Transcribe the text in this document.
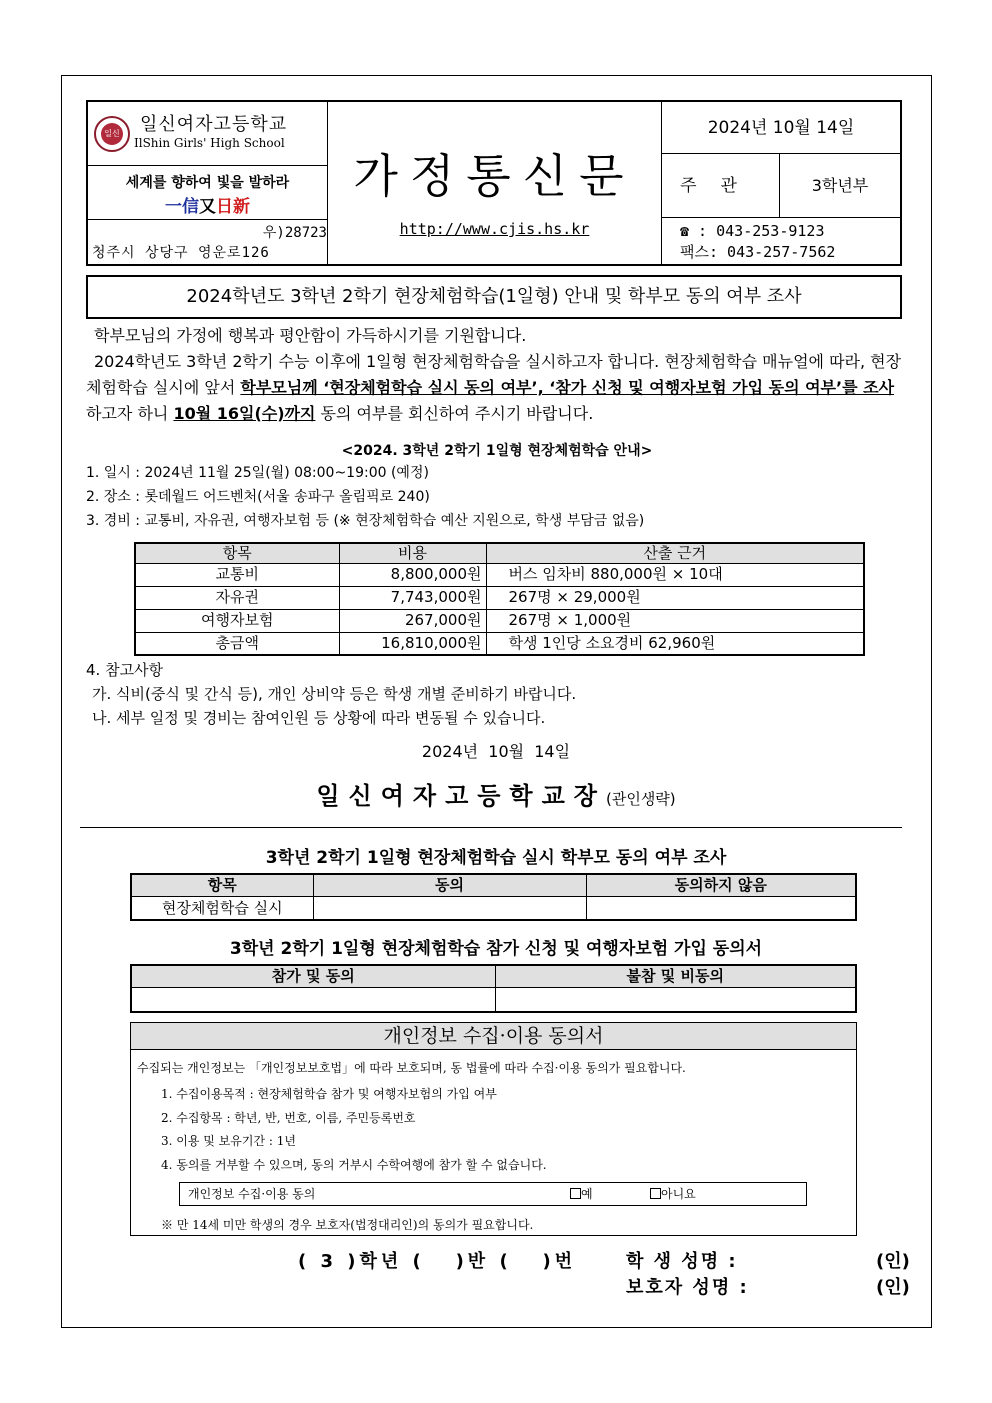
일신
일신여자고등학교
IlShin Girls' High School
세계를 향하여 빛을 발하라
一信又日新
우)28723
청주시 상당구 영운로126
가정통신문
http://www.cjis.hs.kr
2024년 10월 14일
주관	3학년부
☎ : 043-253-9123
팩스: 043-257-7562
2024학년도 3학년 2학기 현장체험학습(1일형) 안내 및 학부모 동의 여부 조사
학부모님의 가정에 행복과 평안함이 가득하시기를 기원합니다.
2024학년도 3학년 2학기 수능 이후에 1일형 현장체험학습을 실시하고자 합니다. 현장체험학습 매뉴얼에 따라, 현장체험학습 실시에 앞서 학부모님께 ‘현장체험학습 실시 동의 여부’, ‘참가 신청 및 여행자보험 가입 동의 여부’를 조사하고자 하니 10월 16일(수)까지 동의 여부를 회신하여 주시기 바랍니다.
<2024. 3학년 2학기 1일형 현장체험학습 안내>
1. 일시 : 2024년 11월 25일(월) 08:00~19:00 (예정)
2. 장소 : 롯데월드 어드벤처(서울 송파구 올림픽로 240)
3. 경비 : 교통비, 자유권, 여행자보험 등 (※ 현장체험학습 예산 지원으로, 학생 부담금 없음)
항목	비용	산출 근거
교통비	8,800,000원	버스 임차비 880,000원 × 10대
자유권	7,743,000원	267명 × 29,000원
여행자보험	267,000원	267명 × 1,000원
총금액	16,810,000원	학생 1인당 소요경비 62,960원
4. 참고사항
가. 식비(중식 및 간식 등), 개인 상비약 등은 학생 개별 준비하기 바랍니다.
나. 세부 일정 및 경비는 참여인원 등 상황에 따라 변동될 수 있습니다.
2024년  10월  14일
일신여자고등학교장(관인생략)
3학년 2학기 1일형 현장체험학습 실시 학부모 동의 여부 조사
항목	동의	동의하지 않음
현장체험학습 실시		
3학년 2학기 1일형 현장체험학습 참가 신청 및 여행자보험 가입 동의서
참가 및 동의	불참 및 비동의

개인정보 수집·이용 동의서
수집되는 개인정보는 「개인정보보호법」에 따라 보호되며, 동 법률에 따라 수집·이용 동의가 필요합니다.
1. 수집이용목적 : 현장체험학습 참가 및 여행자보험의 가입 여부
2. 수집항목 : 학년, 반, 번호, 이름, 주민등록번호
3. 이용 및 보유기간 : 1년
4. 동의를 거부할 수 있으며, 동의 거부시 수학여행에 참가 할 수 없습니다.
개인정보 수집·이용 동의	예	아니요
※ 만 14세 미만 학생의 경우 보호자(법정대리인)의 동의가 필요합니다.
( 3 )학년 (   )반 (   )번	학 생 성명 :	(인)
보호자 성명 :	(인)
